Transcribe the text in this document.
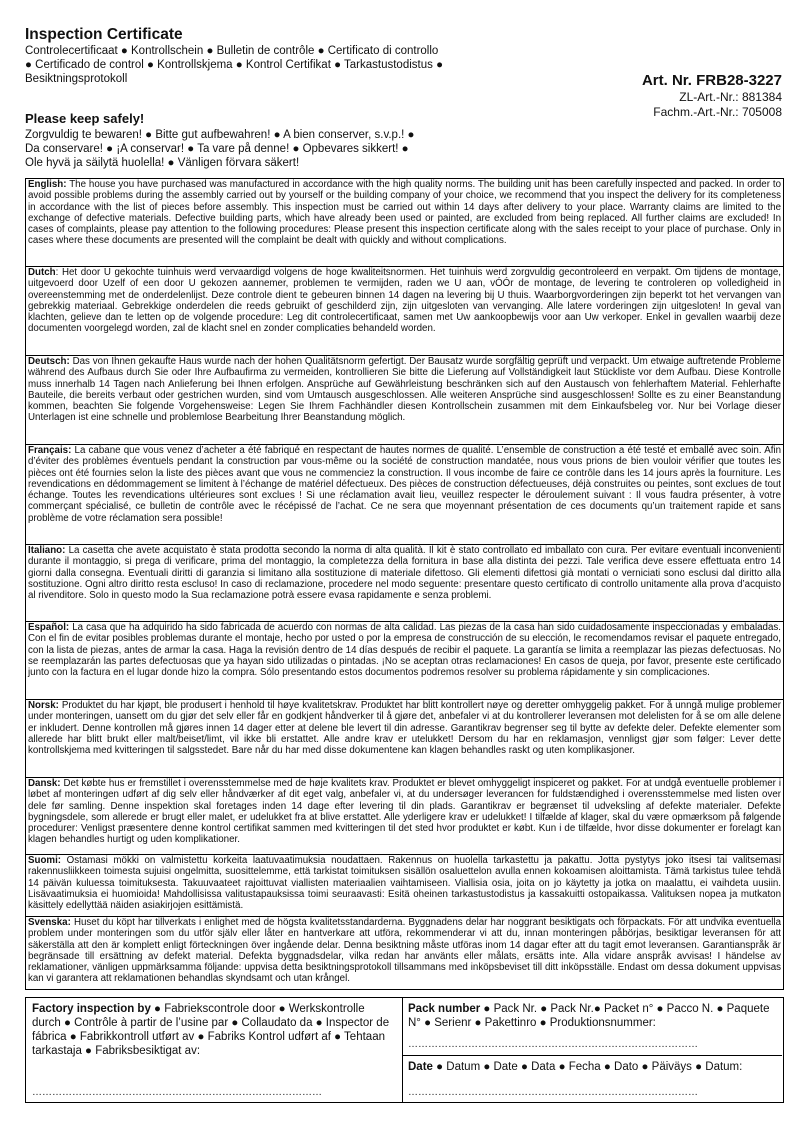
Inspection Certificate
Controlecertificaat ● Kontrollschein ● Bulletin de contrôle ● Certificato di controllo ● Certificado de control ● Kontrollskjema ● Kontrol Certifikat ● Tarkastustodistus ● Besiktningsprotokoll	Art. Nr. FRB28-3227
ZL-Art.-Nr.: 881384
Fachm.-Art.-Nr.: 705008
Please keep safely!
Zorgvuldig te bewaren! ● Bitte gut aufbewahren! ● A bien conserver, s.v.p.! ● Da conservare! ● ¡A conservar! ● Ta vare på denne! ● Opbevares sikkert! ● Ole hyvä ja säilytä huolella! ● Vänligen förvara säkert!
English: The house you have purchased was manufactured in accordance with the high quality norms. The building unit has been carefully inspected and packed. In order to avoid possible problems during the assembly carried out by yourself or the building company of your choice, we recommend that you inspect the delivery for its completeness in accordance with the list of pieces before assembly. This inspection must be carried out within 14 days after delivery to your place. Warranty claims are limited to the exchange of defective materials. Defective building parts, which have already been used or painted, are excluded from being replaced. All further claims are excluded! In cases of complaints, please pay attention to the following procedures: Please present this inspection certificate along with the sales receipt to your place of purchase. Only in cases where these documents are presented will the complaint be dealt with quickly and without complications.
Dutch: Het door U gekochte tuinhuis werd vervaardigd volgens de hoge kwaliteitsnormen. Het tuinhuis werd zorgvuldig gecontroleerd en verpakt. Om tijdens de montage, uitgevoerd door Uzelf of een door U gekozen aannemer, problemen te vermijden, raden we U aan, vÓÓr de montage, de levering te controleren op volledigheid in overeenstemming met de onderdelenlijst. Deze controle dient te gebeuren binnen 14 dagen na levering bij U thuis. Waarborgvorderingen zijn beperkt tot het vervangen van gebrekkig materiaal. Gebrekkige onderdelen die reeds gebruikt of geschilderd zijn, zijn uitgesloten van vervanging. Alle latere vorderingen zijn uitgesloten! In geval van klachten, gelieve dan te letten op de volgende procedure: Leg dit controlecertificaat, samen met Uw aankoopbewijs voor aan Uw verkoper. Enkel in gevallen waarbij deze documenten voorgelegd worden, zal de klacht snel en zonder complicaties behandeld worden.
Deutsch: Das von Ihnen gekaufte Haus wurde nach der hohen Qualitätsnorm gefertigt. Der Bausatz wurde sorgfältig geprüft und verpackt. Um etwaige auftretende Probleme während des Aufbaus durch Sie oder Ihre Aufbaufirma zu vermeiden, kontrollieren Sie bitte die Lieferung auf Vollständigkeit laut Stückliste vor dem Aufbau. Diese Kontrolle muss innerhalb 14 Tagen nach Anlieferung bei Ihnen erfolgen. Ansprüche auf Gewährleistung beschränken sich auf den Austausch von fehlerhaftem Material. Fehlerhafte Bauteile, die bereits verbaut oder gestrichen wurden, sind vom Umtausch ausgeschlossen. Alle weiteren Ansprüche sind ausgeschlossen! Sollte es zu einer Beanstandung kommen, beachten Sie folgende Vorgehensweise: Legen Sie Ihrem Fachhändler diesen Kontrollschein zusammen mit dem Einkaufsbeleg vor. Nur bei Vorlage dieser Unterlagen ist eine schnelle und problemlose Bearbeitung Ihrer Beanstandung möglich.
Français: La cabane que vous venez d’acheter a été fabriqué en respectant de hautes normes de qualité. L’ensemble de construction a été testé et emballé avec soin. Afin d’éviter des problèmes éventuels pendant la construction par vous-même ou la société de construction mandatée, nous vous prions de bien vouloir vérifier que toutes les pièces ont été fournies selon la liste des pièces avant que vous ne commenciez la construction. Il vous incombe de faire ce contrôle dans les 14 jours après la fourniture. Les revendications en dédommagement se limitent à l’échange de matériel défectueux. Des pièces de construction défectueuses, déjà construites ou peintes, sont exclues de tout échange. Toutes les revendications ultérieures sont exclues ! Si une réclamation avait lieu, veuillez respecter le déroulement suivant : Il vous faudra présenter, à votre commerçant spécialisé, ce bulletin de contrôle avec le récépissé de l’achat. Ce ne sera que moyennant présentation de ces documents qu’un traitement rapide et sans problème de votre réclamation sera possible!
Italiano: La casetta che avete acquistato è stata prodotta secondo la norma di alta qualità. Il kit è stato controllato ed imballato con cura. Per evitare eventuali inconvenienti durante il montaggio, si prega di verificare, prima del montaggio, la completezza della fornitura in base alla distinta dei pezzi. Tale verifica deve essere effettuata entro 14 giorni dalla consegna. Eventuali diritti di garanzia si limitano alla sostituzione di materiale difettoso. Gli elementi difettosi già montati o verniciati sono esclusi dal diritto alla sostituzione. Ogni altro diritto resta escluso! In caso di reclamazione, procedere nel modo seguente: presentare questo certificato di controllo unitamente alla prova d’acquisto al rivenditore. Solo in questo modo la Sua reclamazione potrà essere evasa rapidamente e senza problemi.
Español: La casa que ha adquirido ha sido fabricada de acuerdo con normas de alta calidad. Las piezas de la casa han sido cuidadosamente inspeccionadas y embaladas. Con el fin de evitar posibles problemas durante el montaje, hecho por usted o por la empresa de construcción de su elección, le recomendamos revisar el paquete entregado, con la lista de piezas, antes de armar la casa. Haga la revisión dentro de 14 días después de recibir el paquete. La garantía se limita a reemplazar las piezas defectuosas. No se reemplazarán las partes defectuosas que ya hayan sido utilizadas o pintadas. ¡No se aceptan otras reclamaciones! En casos de queja, por favor, presente este certificado junto con la factura en el lugar donde hizo la compra. Sólo presentando estos documentos podremos resolver su problema rápidamente y sin complicaciones.
Norsk: Produktet du har kjøpt, ble produsert i henhold til høye kvalitetskrav. Produktet har blitt kontrollert nøye og deretter omhyggelig pakket. For å unngå mulige problemer under monteringen, uansett om du gjør det selv eller får en godkjent håndverker til å gjøre det, anbefaler vi at du kontrollerer leveransen mot delelisten for å se om alle delene er inkludert. Denne kontrollen må gjøres innen 14 dager etter at delene ble levert til din adresse. Garantikrav begrenser seg til bytte av defekte deler. Defekte elementer som allerede har blitt brukt eller malt/beiset/limt, vil ikke bli erstattet. Alle andre krav er utelukket! Dersom du har en reklamasjon, vennligst gjør som følger: Lever dette kontrollskjema med kvitteringen til salgsstedet. Bare når du har med disse dokumentene kan klagen behandles raskt og uten komplikasjoner.
Dansk: Det købte hus er fremstillet i overensstemmelse med de høje kvalitets krav. Produktet er blevet omhyggeligt inspiceret og pakket. For at undgå eventuelle problemer i løbet af monteringen udført af dig selv eller håndværker af dit eget valg, anbefaler vi, at du undersøger leverancen for fuldstændighed i overensstemmelse med listen over dele før samling. Denne inspektion skal foretages inden 14 dage efter levering til din plads. Garantikrav er begrænset til udveksling af defekte materialer. Defekte bygningsdele, som allerede er brugt eller malet, er udelukket fra at blive erstattet. Alle yderligere krav er udelukket! I tilfælde af klager, skal du være opmærksom på følgende procedurer: Venligst præsentere denne kontrol certifikat sammen med kvitteringen til det sted hvor produktet er købt. Kun i de tilfælde, hvor disse dokumenter er forelagt kan klagen behandles hurtigt og uden komplikationer.
Suomi: Ostamasi mökki on valmistettu korkeita laatuvaatimuksia noudattaen. Rakennus on huolella tarkastettu ja pakattu. Jotta pystytys joko itsesi tai valitsemasi rakennusliikkeen toimesta sujuisi ongelmitta, suosittelemme, että tarkistat toimituksen sisällön osaluettelon avulla ennen kokoamisen aloittamista. Tämä tarkistus tulee tehdä 14 päivän kuluessa toimituksesta. Takuuvaateet rajoittuvat viallisten materiaalien vaihtamiseen. Viallisia osia, joita on jo käytetty ja jotka on maalattu, ei vaihdeta uusiin. Lisävaatimuksia ei huomioida! Mahdollisissa valitustapauksissa toimi seuraavasti: Esitä oheinen tarkastustodistus ja kassakuitti ostopaikassa. Valituksen nopea ja mutkaton käsittely edellyttää näiden asiakirjojen esittämistä.
Svenska: Huset du köpt har tillverkats i enlighet med de högsta kvalitetsstandarderna. Byggnadens delar har noggrant besiktigats och förpackats. För att undvika eventuella problem under monteringen som du utför själv eller låter en hantverkare att utföra, rekommenderar vi att du, innan monteringen påbörjas, besiktigar leveransen för att säkerställa att den är komplett enligt förteckningen över ingående delar. Denna besiktning måste utföras inom 14 dagar efter att du tagit emot leveransen. Garantianspråk är begränsade till ersättning av defekt material. Defekta byggnadsdelar, vilka redan har använts eller målats, ersätts inte. Alla vidare anspråk avvisas! I händelse av reklamationer, vänligen uppmärksamma följande: uppvisa detta besiktningsprotokoll tillsammans med inköpsbeviset till ditt inköpsställe. Endast om dessa dokument uppvisas kan vi garantera att reklamationen behandlas skyndsamt och utan krångel.
Factory inspection by ● Fabriekscontrole door ● Werkskontrolle durch ● Contrôle à partir de l’usine par ● Collaudato da ● Inspector de fábrica ● Fabrikkontroll utført av ● Fabriks Kontrol udført af ● Tehtaan tarkastaja ● Fabriksbesiktigat av:
……………………………………………………………………………
Pack number ● Pack Nr. ● Pack Nr.● Packet n° ● Pacco N. ● Paquete N° ● Serienr ● Pakettinro ● Produktionsnummer:
……………………………………………………………………………
Date ● Datum ● Date ● Data ● Fecha ● Dato ● Päiväys ● Datum:
……………………………………………………………………………
